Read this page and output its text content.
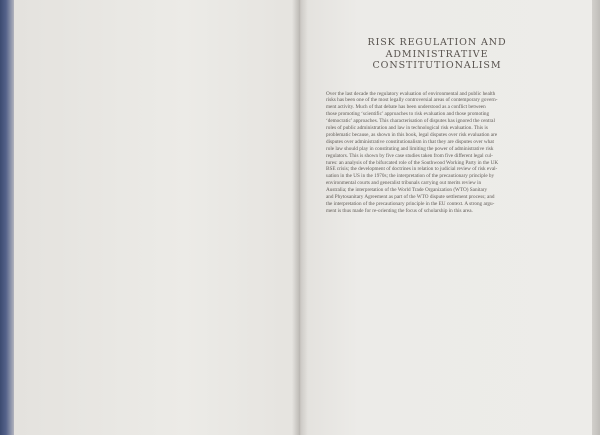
RISK REGULATION AND ADMINISTRATIVE
CONSTITUTIONALISM

Over the last decade the regulatory evaluation of environmental and public health
risks has been one of the most legally controversial areas of contemporary govern-
ment activity. Much of that debate has been understood as a conflict between
those promoting ‘scientific’ approaches to risk evaluation and those promoting
‘democratic’ approaches. This characterisation of disputes has ignored the central
roles of public administration and law in technological risk evaluation. This is
problematic because, as shown in this book, legal disputes over risk evaluation are
disputes over administrative constitutionalism in that they are disputes over what
role law should play in constituting and limiting the power of administrative risk
regulators. This is shown by five case studies taken from five different legal cul-
tures: an analysis of the bifurcated role of the Southwood Working Party in the UK
BSE crisis; the development of doctrines in relation to judicial review of risk eval-
uation in the US in the 1970s; the interpretation of the precautionary principle by
environmental courts and generalist tribunals carrying out merits review in
Australia; the interpretation of the World Trade Organization (WTO) Sanitary
and Phytosanitary Agreement as part of the WTO dispute settlement process; and
the interpretation of the precautionary principle in the EU context. A strong argu-
ment is thus made for re-orienting the focus of scholarship in this area.
